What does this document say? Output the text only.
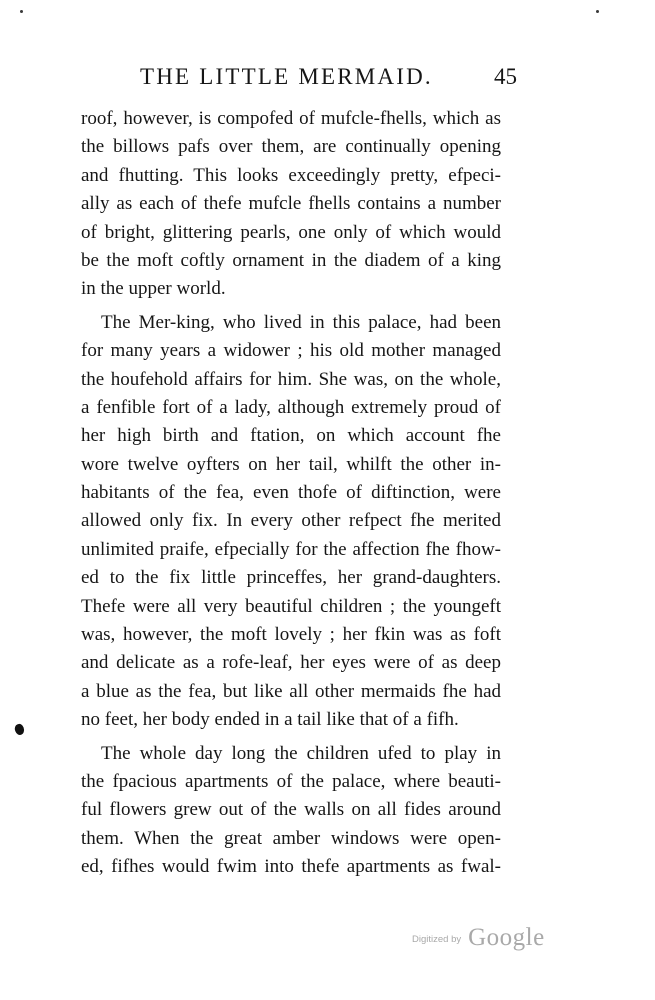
THE LITTLE MERMAID.	45
roof, however, is compofed of mufcle-fhells, which as
the billows pafs over them, are continually opening
and fhutting. This looks exceedingly pretty, efpeci-
ally as each of thefe mufcle fhells contains a number
of bright, glittering pearls, one only of which would
be the moft coftly ornament in the diadem of a king
in the upper world.
The Mer-king, who lived in this palace, had been
for many years a widower ; his old mother managed
the houfehold affairs for him. She was, on the whole,
a fenfible fort of a lady, although extremely proud of
her high birth and ftation, on which account fhe
wore twelve oyfters on her tail, whilft the other in-
habitants of the fea, even thofe of diftinction, were
allowed only fix. In every other refpect fhe merited
unlimited praife, efpecially for the affection fhe fhow-
ed to the fix little princeffes, her grand-daughters.
Thefe were all very beautiful children ; the youngeft
was, however, the moft lovely ; her fkin was as foft
and delicate as a rofe-leaf, her eyes were of as deep
a blue as the fea, but like all other mermaids fhe had
no feet, her body ended in a tail like that of a fifh.
The whole day long the children ufed to play in
the fpacious apartments of the palace, where beauti-
ful flowers grew out of the walls on all fides around
them. When the great amber windows were open-
ed, fifhes would fwim into thefe apartments as fwal-
Digitized by Google
